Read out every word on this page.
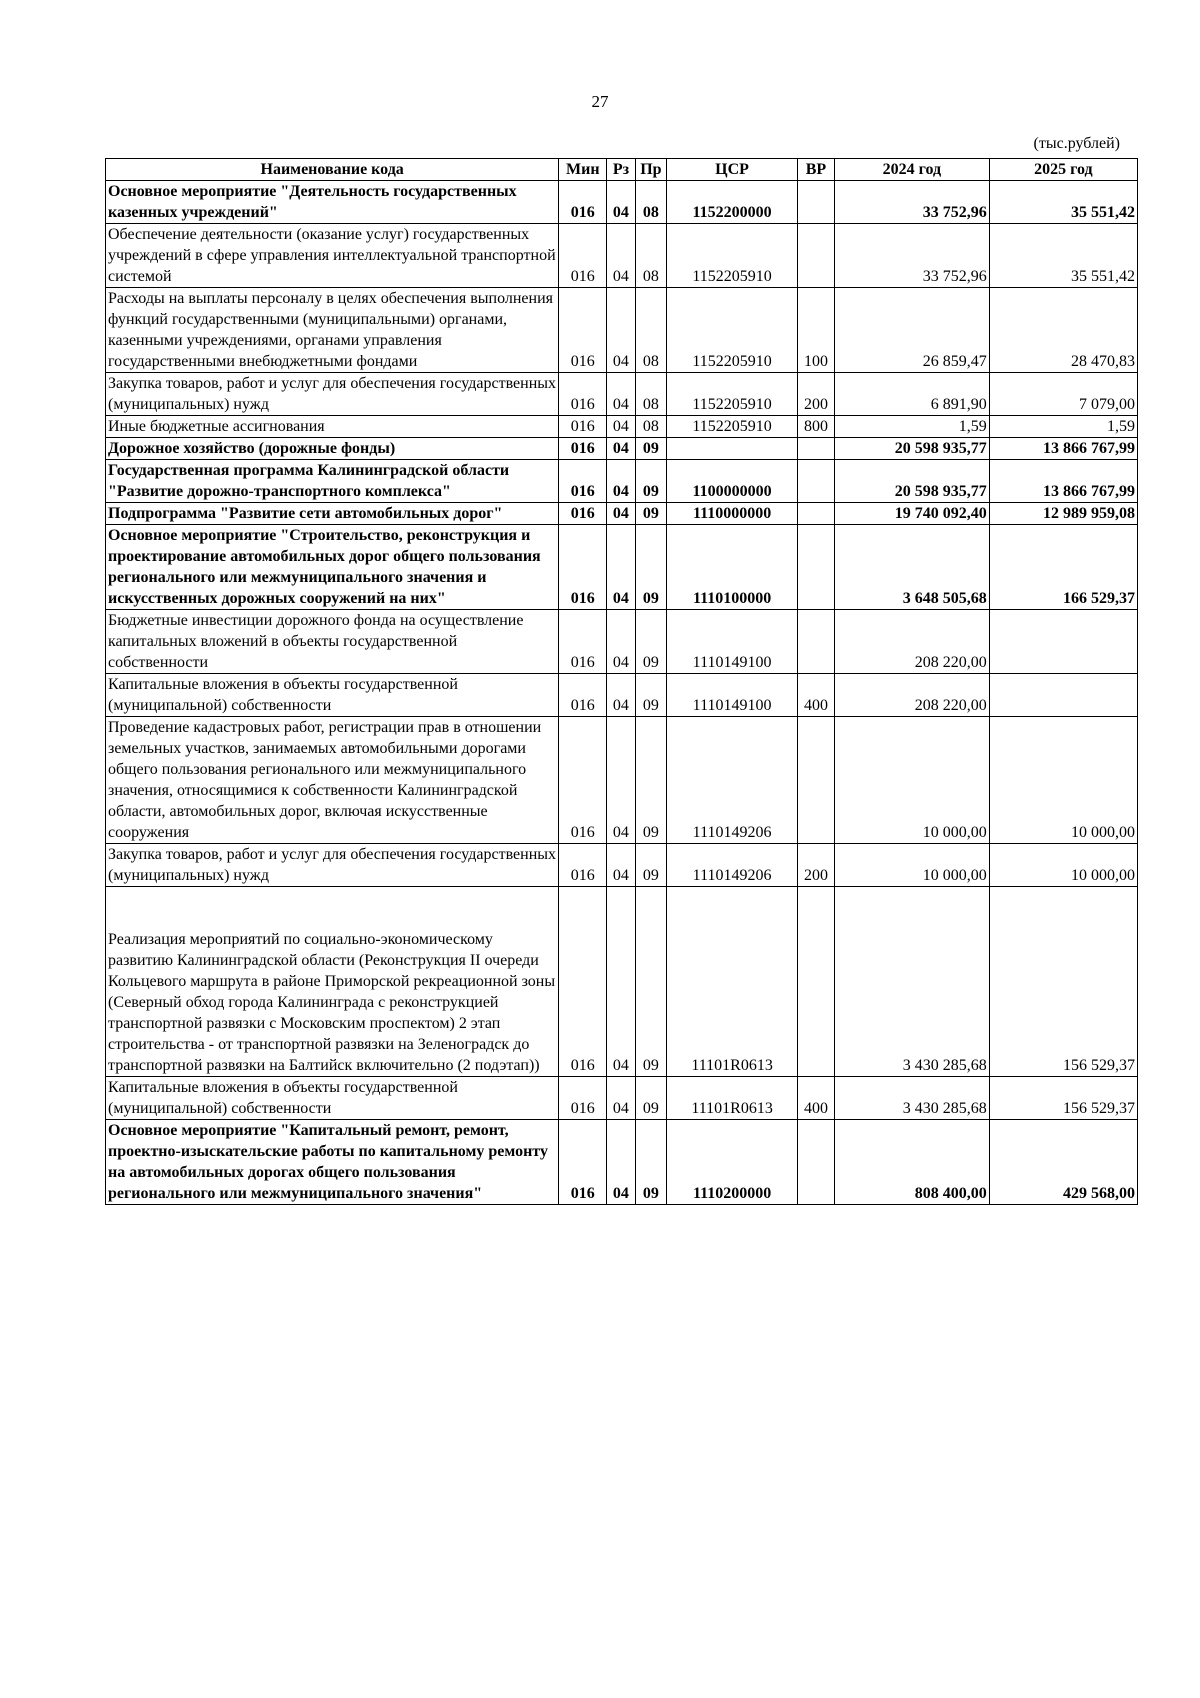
27
(тыс.рублей)
Наименование кода	Мин	Рз	Пр	ЦСР	ВР	2024 год	2025 год
Основное мероприятие "Деятельность государственных казенных учреждений"	016	04	08	1152200000		33 752,96	35 551,42
Обеспечение деятельности (оказание услуг) государственных учреждений в сфере управления интеллектуальной транспортной системой	016	04	08	1152205910		33 752,96	35 551,42
Расходы на выплаты персоналу в целях обеспечения выполнения функций государственными (муниципальными) органами, казенными учреждениями, органами управления государственными внебюджетными фондами	016	04	08	1152205910	100	26 859,47	28 470,83
Закупка товаров, работ и услуг для обеспечения государственных (муниципальных) нужд	016	04	08	1152205910	200	6 891,90	7 079,00
Иные бюджетные ассигнования	016	04	08	1152205910	800	1,59	1,59
Дорожное хозяйство (дорожные фонды)	016	04	09			20 598 935,77	13 866 767,99
Государственная программа Калининградской области "Развитие дорожно-транспортного комплекса"	016	04	09	1100000000		20 598 935,77	13 866 767,99
Подпрограмма "Развитие сети автомобильных дорог"	016	04	09	1110000000		19 740 092,40	12 989 959,08
Основное мероприятие "Строительство, реконструкция и проектирование автомобильных дорог общего пользования регионального или межмуниципального значения и искусственных дорожных сооружений на них"	016	04	09	1110100000		3 648 505,68	166 529,37
Бюджетные инвестиции дорожного фонда на осуществление капитальных вложений в объекты государственной собственности	016	04	09	1110149100		208 220,00	
Капитальные вложения в объекты государственной (муниципальной) собственности	016	04	09	1110149100	400	208 220,00	
Проведение кадастровых работ, регистрации прав в отношении земельных участков, занимаемых автомобильными дорогами общего пользования регионального или межмуниципального значения, относящимися к собственности Калининградской области, автомобильных дорог, включая искусственные сооружения	016	04	09	1110149206		10 000,00	10 000,00
Закупка товаров, работ и услуг для обеспечения государственных (муниципальных) нужд	016	04	09	1110149206	200	10 000,00	10 000,00
Реализация мероприятий по социально-экономическому развитию Калининградской области (Реконструкция II очереди Кольцевого маршрута в районе Приморской рекреационной зоны (Северный обход города Калининграда с реконструкцией транспортной развязки с Московским проспектом) 2 этап строительства - от транспортной развязки на Зеленоградск до транспортной развязки на Балтийск включительно (2 подэтап))	016	04	09	11101R0613		3 430 285,68	156 529,37
Капитальные вложения в объекты государственной (муниципальной) собственности	016	04	09	11101R0613	400	3 430 285,68	156 529,37
Основное мероприятие "Капитальный ремонт, ремонт, проектно-изыскательские работы по капитальному ремонту на автомобильных дорогах общего пользования регионального или межмуниципального значения"	016	04	09	1110200000		808 400,00	429 568,00
